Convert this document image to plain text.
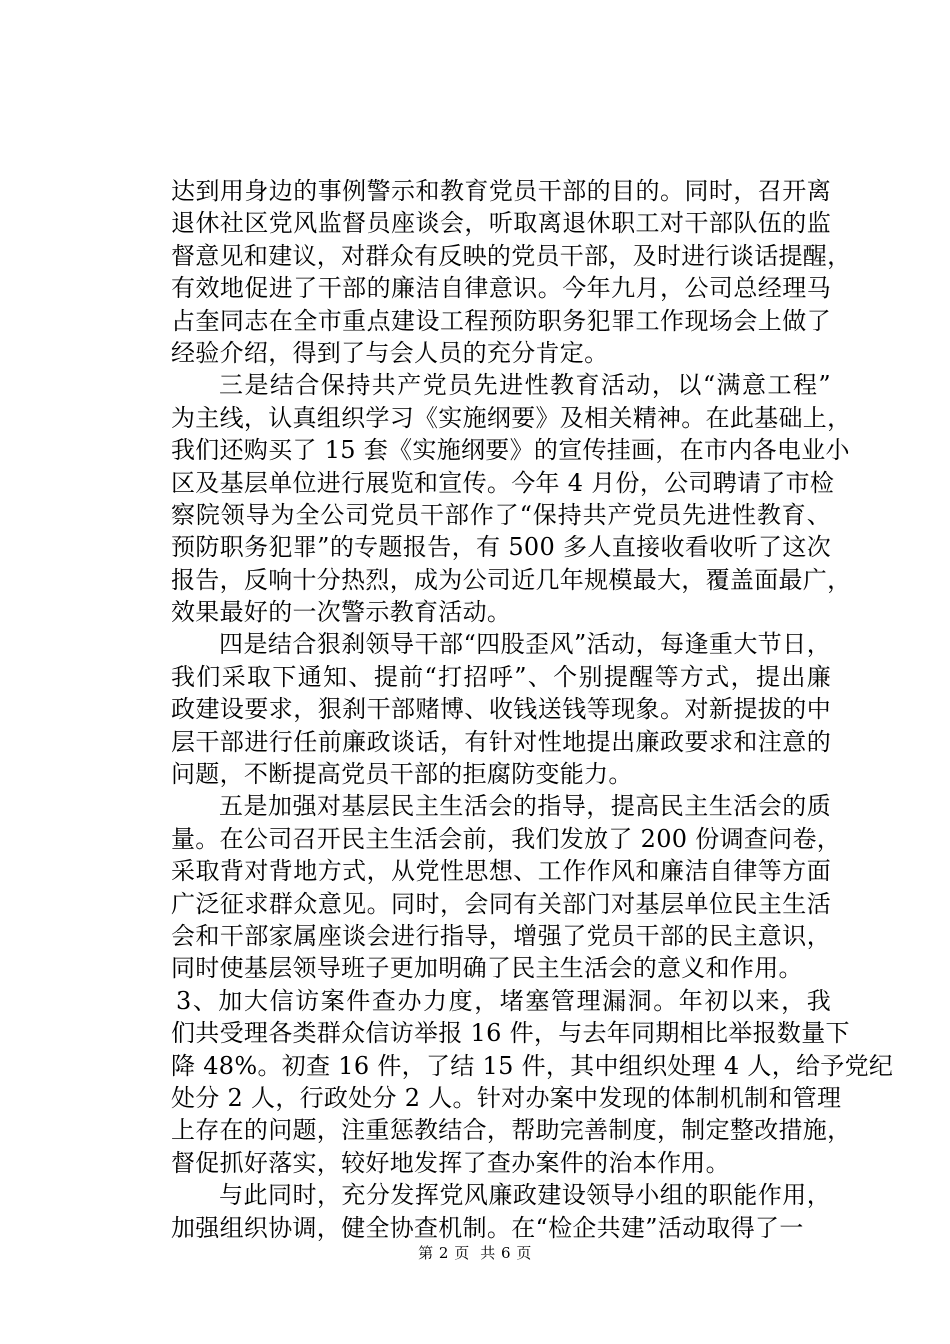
达到用身边的事例警示和教育党员干部的目的。同时，召开离
退休社区党风监督员座谈会，听取离退休职工对干部队伍的监
督意见和建议，对群众有反映的党员干部，及时进行谈话提醒，
有效地促进了干部的廉洁自律意识。今年九月，公司总经理马
占奎同志在全市重点建设工程预防职务犯罪工作现场会上做了
经验介绍，得到了与会人员的充分肯定。
三是结合保持共产党员先进性教育活动，以“满意工程”
为主线，认真组织学习《实施纲要》及相关精神。在此基础上，
我们还购买了 15 套《实施纲要》的宣传挂画，在市内各电业小
区及基层单位进行展览和宣传。今年 4 月份，公司聘请了市检
察院领导为全公司党员干部作了“保持共产党员先进性教育、
预防职务犯罪”的专题报告，有 500 多人直接收看收听了这次
报告，反响十分热烈，成为公司近几年规模最大，覆盖面最广，
效果最好的一次警示教育活动。
四是结合狠刹领导干部“四股歪风”活动，每逢重大节日，
我们采取下通知、提前“打招呼”、个别提醒等方式，提出廉
政建设要求，狠刹干部赌博、收钱送钱等现象。对新提拔的中
层干部进行任前廉政谈话，有针对性地提出廉政要求和注意的
问题，不断提高党员干部的拒腐防变能力。
五是加强对基层民主生活会的指导，提高民主生活会的质
量。在公司召开民主生活会前，我们发放了 200 份调查问卷，
采取背对背地方式，从党性思想、工作作风和廉洁自律等方面
广泛征求群众意见。同时，会同有关部门对基层单位民主生活
会和干部家属座谈会进行指导，增强了党员干部的民主意识，
同时使基层领导班子更加明确了民主生活会的意义和作用。
3、加大信访案件查办力度，堵塞管理漏洞。年初以来，我
们共受理各类群众信访举报 16 件，与去年同期相比举报数量下
降 48%。初查 16 件，了结 15 件，其中组织处理 4 人，给予党纪
处分 2 人，行政处分 2 人。针对办案中发现的体制机制和管理
上存在的问题，注重惩教结合，帮助完善制度，制定整改措施，
督促抓好落实，较好地发挥了查办案件的治本作用。
与此同时，充分发挥党风廉政建设领导小组的职能作用，
加强组织协调，健全协查机制。在“检企共建”活动取得了一
第 2 页  共 6 页
